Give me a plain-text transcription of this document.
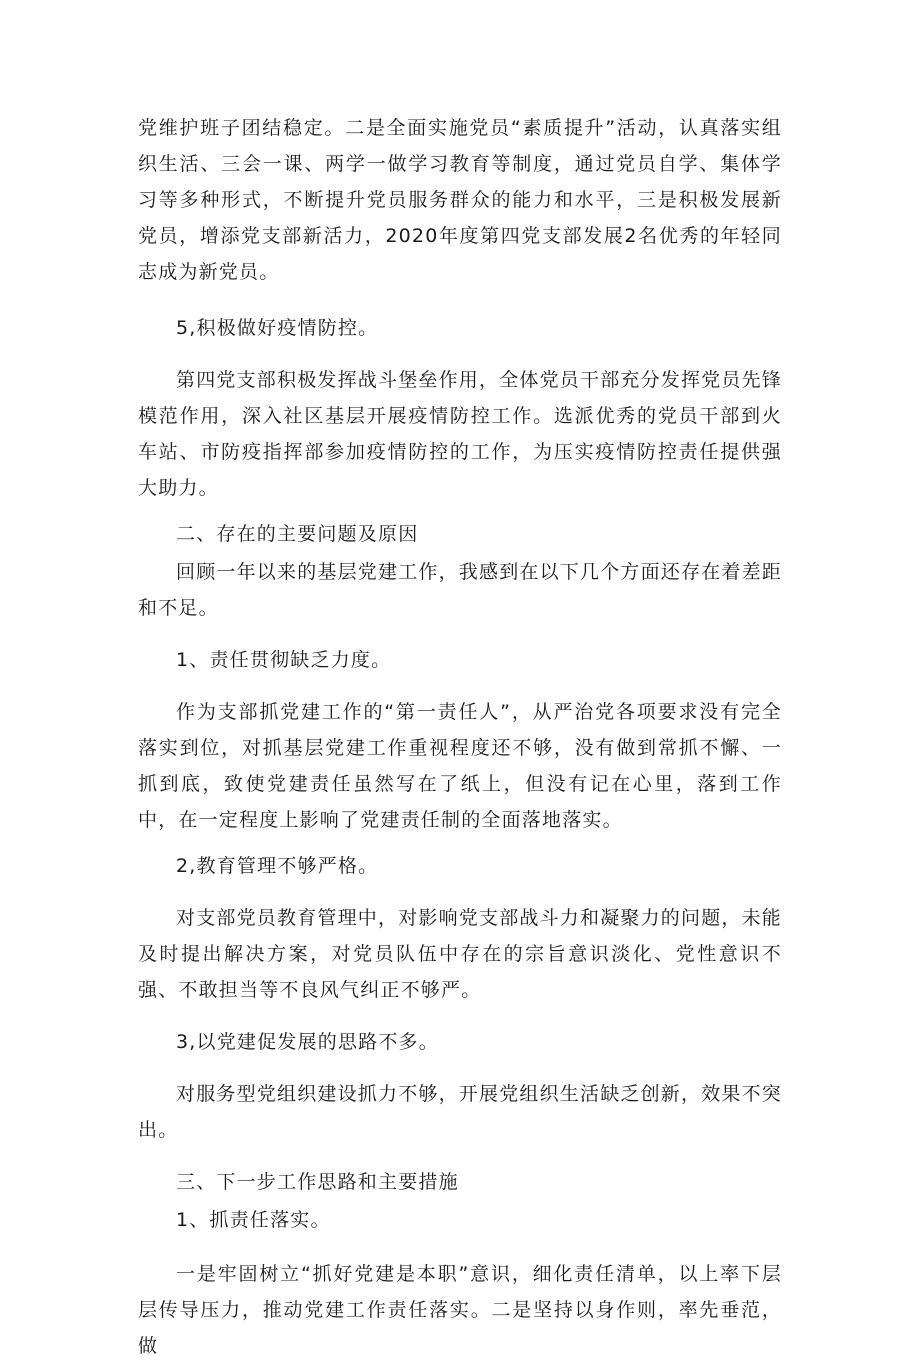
党维护班子团结稳定。二是全面实施党员“素质提升”活动，认真落实组织生活、三会一课、两学一做学习教育等制度，通过党员自学、集体学习等多种形式，不断提升党员服务群众的能力和水平，三是积极发展新党员，增添党支部新活力，2020年度第四党支部发展2名优秀的年轻同志成为新党员。

5,积极做好疫情防控。

第四党支部积极发挥战斗堡垒作用，全体党员干部充分发挥党员先锋模范作用，深入社区基层开展疫情防控工作。选派优秀的党员干部到火车站、市防疫指挥部参加疫情防控的工作，为压实疫情防控责任提供强大助力。

二、存在的主要问题及原因

回顾一年以来的基层党建工作，我感到在以下几个方面还存在着差距和不足。

1、责任贯彻缺乏力度。

作为支部抓党建工作的“第一责任人”，从严治党各项要求没有完全落实到位，对抓基层党建工作重视程度还不够，没有做到常抓不懈、一抓到底，致使党建责任虽然写在了纸上，但没有记在心里，落到工作中，在一定程度上影响了党建责任制的全面落地落实。

2,教育管理不够严格。

对支部党员教育管理中，对影响党支部战斗力和凝聚力的问题，未能及时提出解决方案，对党员队伍中存在的宗旨意识淡化、党性意识不强、不敢担当等不良风气纠正不够严。

3,以党建促发展的思路不多。

对服务型党组织建设抓力不够，开展党组织生活缺乏创新，效果不突出。

三、下一步工作思路和主要措施

1、抓责任落实。

一是牢固树立“抓好党建是本职”意识，细化责任清单，以上率下层层传导压力，推动党建工作责任落实。二是坚持以身作则，率先垂范，做
